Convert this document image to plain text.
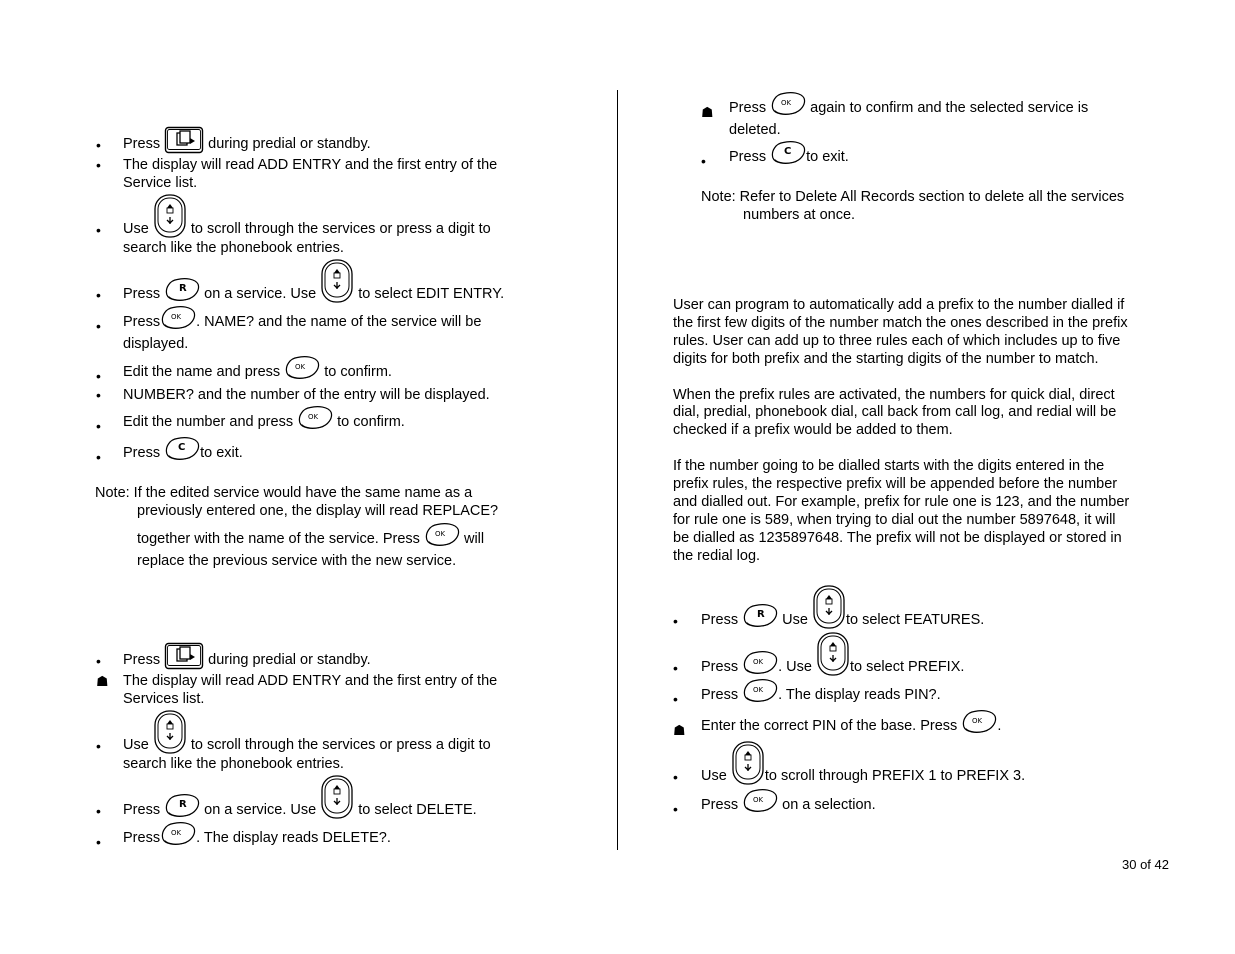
• Press	during predial or standby.
• The display will read ADD ENTRY and the first entry of the
Service list.
• Use	to scroll through the services or press a digit to
search like the phonebook entries.
• Press R on a service. Use	to select EDIT ENTRY.
• Press OK . NAME? and the name of the service will be
displayed.
• Edit the name and press OK to confirm.
• NUMBER? and the number of the entry will be displayed.
• Edit the number and press OK to confirm.
• Press C to exit.
Note: If the edited service would have the same name as a
previously entered one, the display will read REPLACE?
together with the name of the service. Press OK will
replace the previous service with the new service.
• Press	during predial or standby.
☗ The display will read ADD ENTRY and the first entry of the
Services list.
• Use	to scroll through the services or press a digit to
search like the phonebook entries.
• Press R on a service. Use	to select DELETE.
• Press OK . The display reads DELETE?.
☗ Press OK again to confirm and the selected service is
deleted.
• Press C to exit.
Note: Refer to Delete All Records section to delete all the services
numbers at once.
User can program to automatically add a prefix to the number dialled if
the first few digits of the number match the ones described in the prefix
rules. User can add up to three rules each of which includes up to five
digits for both prefix and the starting digits of the number to match.
When the prefix rules are activated, the numbers for quick dial, direct
dial, predial, phonebook dial, call back from call log, and redial will be
checked if a prefix would be added to them.
If the number going to be dialled starts with the digits entered in the
prefix rules, the respective prefix will be appended before the number
and dialled out. For example, prefix for rule one is 123, and the number
for rule one is 589, when trying to dial out the number 5897648, it will
be dialled as 1235897648. The prefix will not be displayed or stored in
the redial log.
• Press R Use	to select FEATURES.
• Press OK . Use	to select PREFIX.
• Press OK . The display reads PIN?.
☗ Enter the correct PIN of the base. Press OK .
• Use	to scroll through PREFIX 1 to PREFIX 3.
• Press OK on a selection.
30 of 42
